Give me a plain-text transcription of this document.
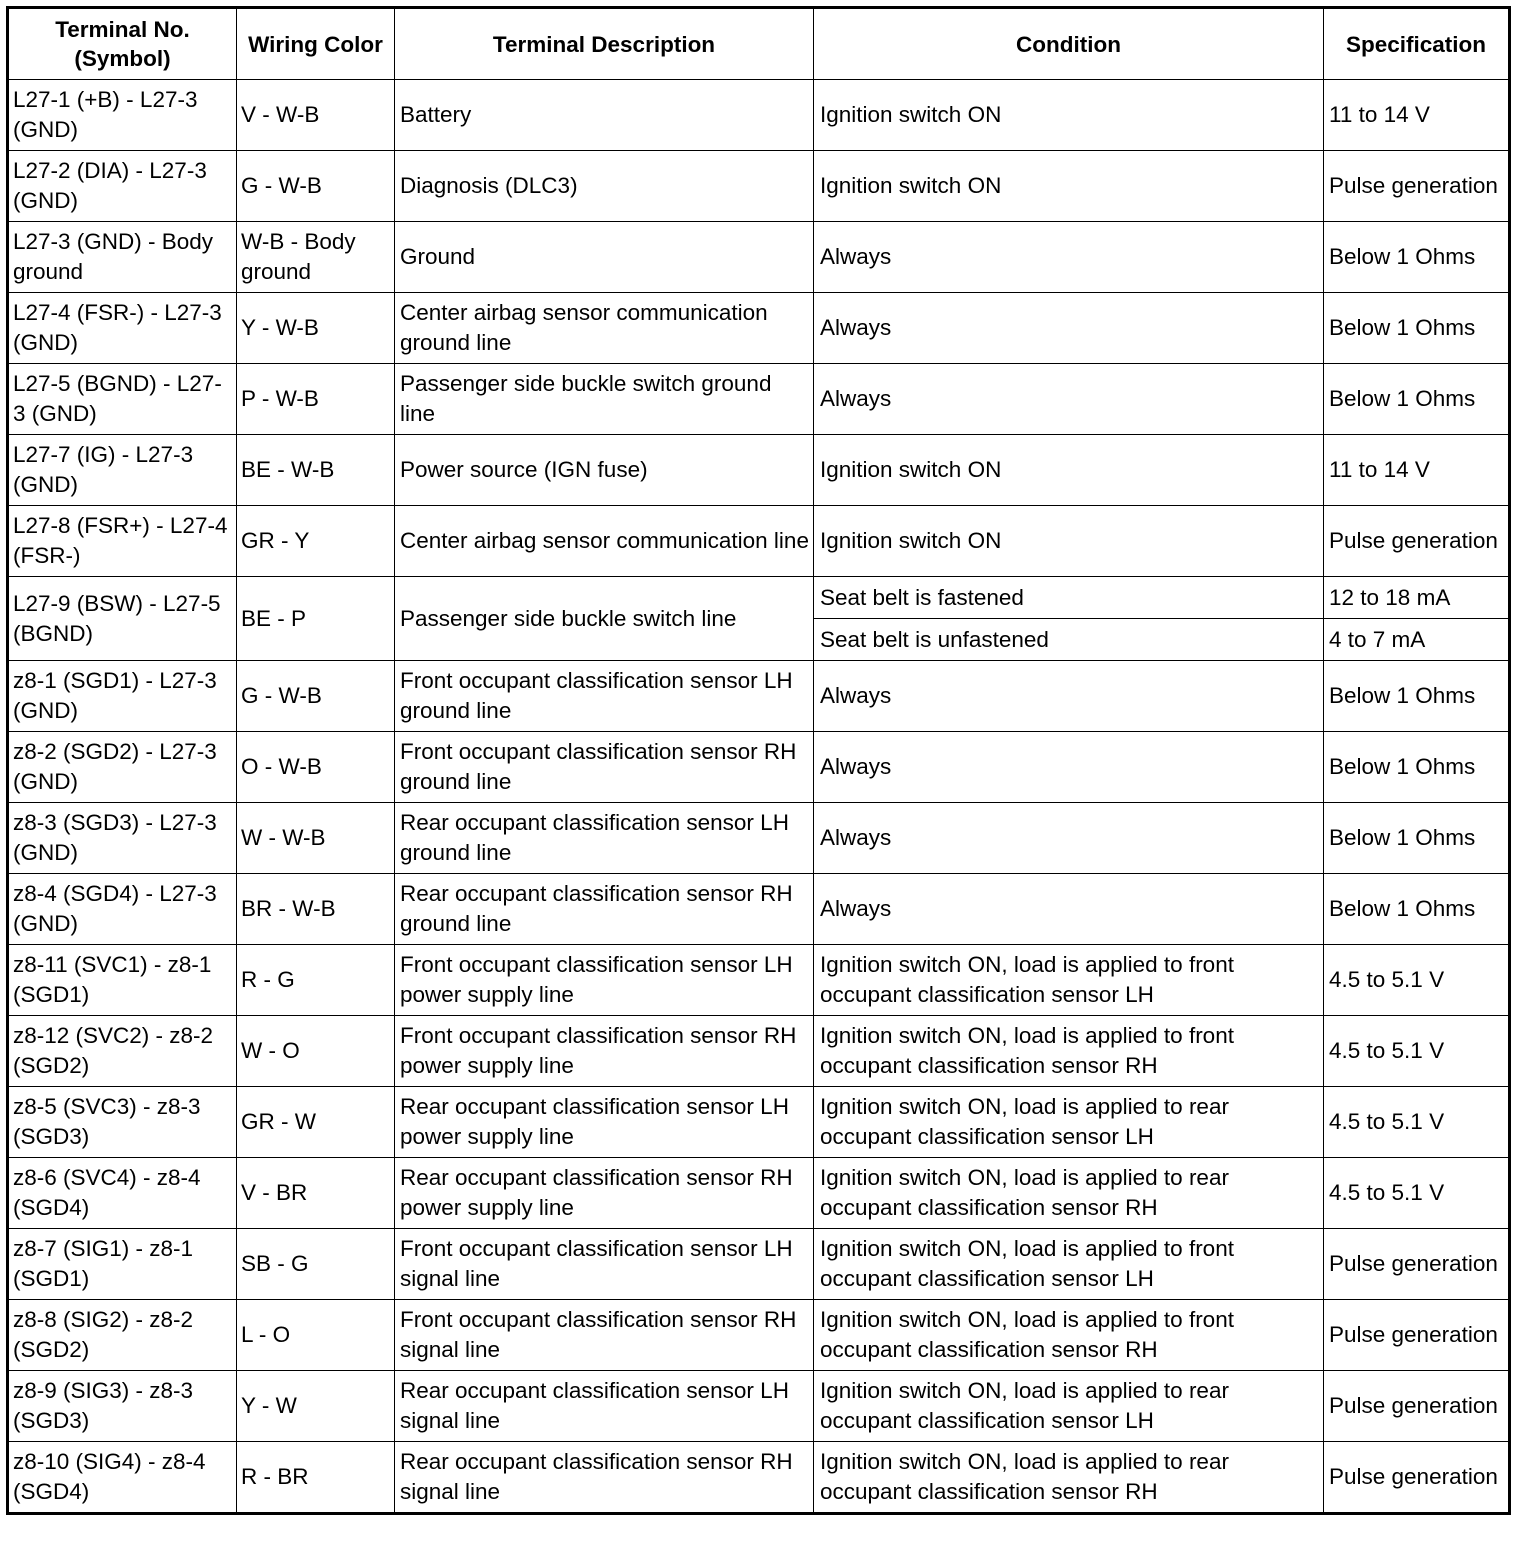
Terminal No. (Symbol)	Wiring Color	Terminal Description	Condition	Specification
L27-1 (+B) - L27-3 (GND)	V - W-B	Battery	Ignition switch ON	11 to 14 V
L27-2 (DIA) - L27-3 (GND)	G - W-B	Diagnosis (DLC3)	Ignition switch ON	Pulse generation
L27-3 (GND) - Body ground	W-B - Body ground	Ground	Always	Below 1 Ohms
L27-4 (FSR-) - L27-3 (GND)	Y - W-B	Center airbag sensor communication ground line	Always	Below 1 Ohms
L27-5 (BGND) - L27-3 (GND)	P - W-B	Passenger side buckle switch ground line	Always	Below 1 Ohms
L27-7 (IG) - L27-3 (GND)	BE - W-B	Power source (IGN fuse)	Ignition switch ON	11 to 14 V
L27-8 (FSR+) - L27-4 (FSR-)	GR - Y	Center airbag sensor communication line	Ignition switch ON	Pulse generation
L27-9 (BSW) - L27-5 (BGND)	BE - P	Passenger side buckle switch line	Seat belt is fastened	12 to 18 mA
			Seat belt is unfastened	4 to 7 mA
z8-1 (SGD1) - L27-3 (GND)	G - W-B	Front occupant classification sensor LH ground line	Always	Below 1 Ohms
z8-2 (SGD2) - L27-3 (GND)	O - W-B	Front occupant classification sensor RH ground line	Always	Below 1 Ohms
z8-3 (SGD3) - L27-3 (GND)	W - W-B	Rear occupant classification sensor LH ground line	Always	Below 1 Ohms
z8-4 (SGD4) - L27-3 (GND)	BR - W-B	Rear occupant classification sensor RH ground line	Always	Below 1 Ohms
z8-11 (SVC1) - z8-1 (SGD1)	R - G	Front occupant classification sensor LH power supply line	Ignition switch ON, load is applied to front occupant classification sensor LH	4.5 to 5.1 V
z8-12 (SVC2) - z8-2 (SGD2)	W - O	Front occupant classification sensor RH power supply line	Ignition switch ON, load is applied to front occupant classification sensor RH	4.5 to 5.1 V
z8-5 (SVC3) - z8-3 (SGD3)	GR - W	Rear occupant classification sensor LH power supply line	Ignition switch ON, load is applied to rear occupant classification sensor LH	4.5 to 5.1 V
z8-6 (SVC4) - z8-4 (SGD4)	V - BR	Rear occupant classification sensor RH power supply line	Ignition switch ON, load is applied to rear occupant classification sensor RH	4.5 to 5.1 V
z8-7 (SIG1) - z8-1 (SGD1)	SB - G	Front occupant classification sensor LH signal line	Ignition switch ON, load is applied to front occupant classification sensor LH	Pulse generation
z8-8 (SIG2) - z8-2 (SGD2)	L - O	Front occupant classification sensor RH signal line	Ignition switch ON, load is applied to front occupant classification sensor RH	Pulse generation
z8-9 (SIG3) - z8-3 (SGD3)	Y - W	Rear occupant classification sensor LH signal line	Ignition switch ON, load is applied to rear occupant classification sensor LH	Pulse generation
z8-10 (SIG4) - z8-4 (SGD4)	R - BR	Rear occupant classification sensor RH signal line	Ignition switch ON, load is applied to rear occupant classification sensor RH	Pulse generation
